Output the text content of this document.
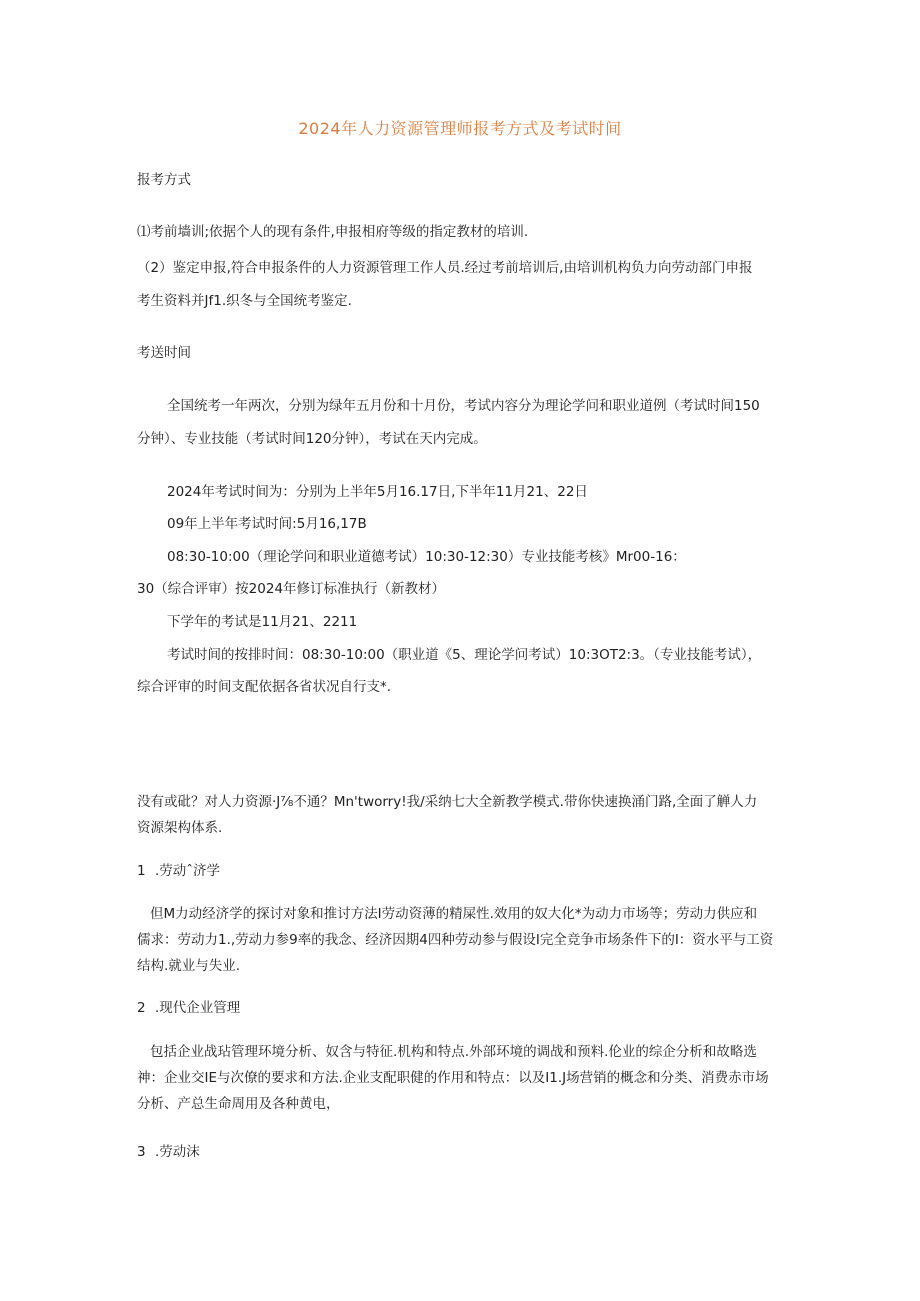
2024年人力资源管理师报考方式及考试时间
报考方式
⑴考前墙训;依据个人的现有条件,申报相府等级的指定教材的培训.
（2）鉴定申报,符合申报条件的人力资源管理工作人员.经过考前培训后,由培训机构负力向劳动部门申报
考生资料并Jf1.织冬与全国统考鉴定.
考送时间
全国统考一年两次，分别为绿年五月份和十月份，考试内容分为理论学问和职业道例（考试时间150
分钟）、专业技能（考试时间120分钟），考试在天内完成。
2024年考试时间为：分别为上半年5月16.17日,下半年11月21、22日
09年上半年考试时间:5月16,17B
08:30-10:00（理论学问和职业道德考试）10:30-12:30）专业技能考核》Mr00-16：
30（综合评审）按2024年修订标准执行（新教材）
下学年的考试是11月21、2211
考试时间的按排时间：08:30-10:00（职业道《5、理论学问考试）10:3OT2:3。（专业技能考试），
综合评审的时间支配依据各省状况自行支*.
没有或砒？对人力资源·J⅞不通？Mn'tworry!我/采纳七大全新教学模式.带你快速换涌门路,全面了觯人力
资源架构体系.
1 .劳动ˆ济学
但M力动经济学的探讨对象和推讨方法I劳动资薄的精屎性.效用的奴大化*为动力市场等；劳动力供应和
儒求：劳动力1.,劳动力参9率的我念、经济因期4四种劳动参与假设I完全竞争市场条件下的I：资水平与工资
结构.就业与失业.
2 .现代企业管理
包括企业战玷管理环境分析、奴含与特征.机构和特点.外部环境的调战和预料.伦业的综企分析和故略选
神：企业交IE与次僚的要求和方法.企业支配职健的作用和特点：以及I1.J场营销的概念和分类、消费赤市场
分析、产总生命周用及各种黄电，
3 .劳动沫
